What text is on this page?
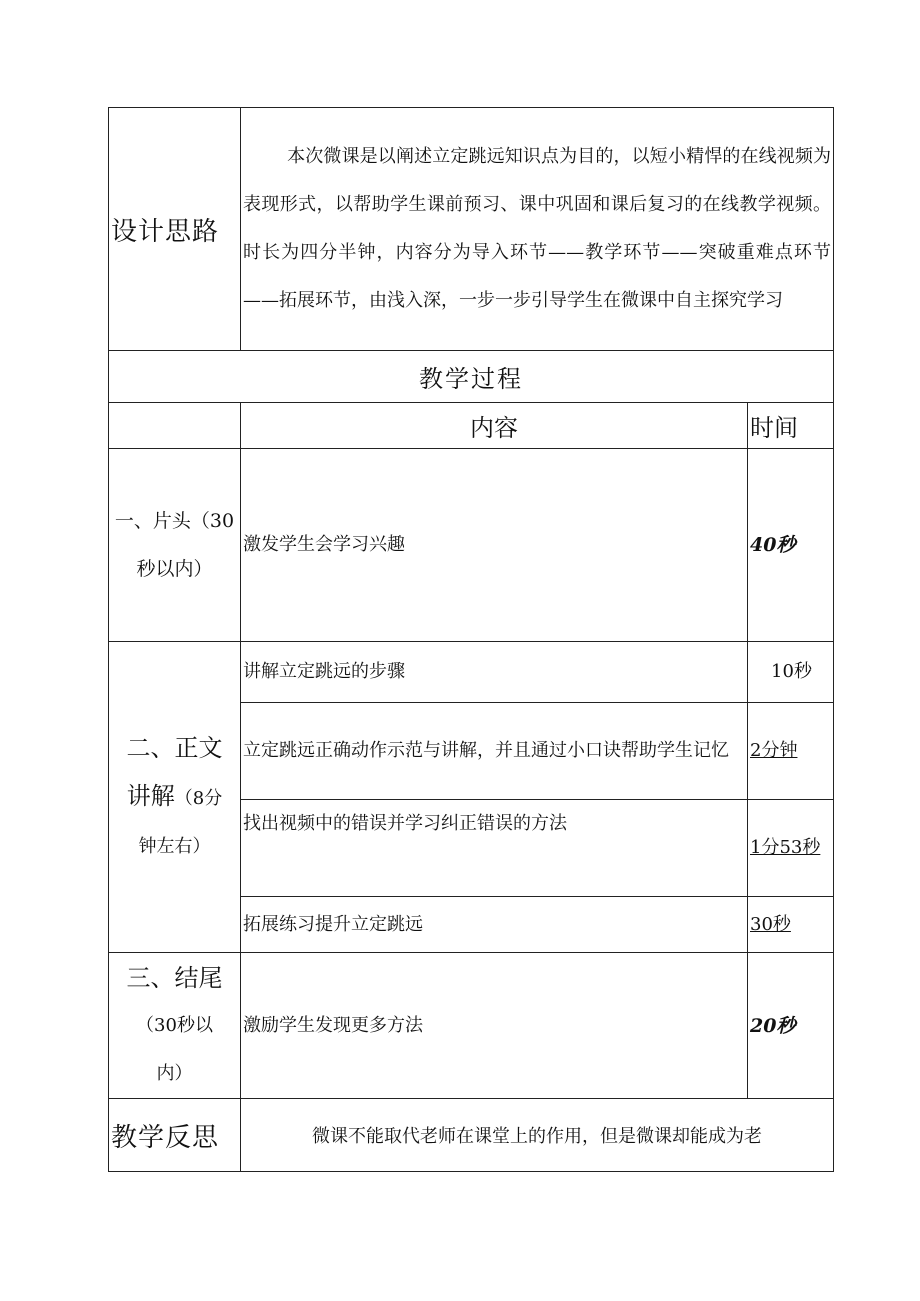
设计思路	本次微课是以阐述立定跳远知识点为目的，以短小精悍的在线视频为表现形式，以帮助学生课前预习、课中巩固和课后复习的在线教学视频。时长为四分半钟，内容分为导入环节——教学环节——突破重难点环节——拓展环节，由浅入深，一步一步引导学生在微课中自主探究学习	
教学过程		
	内容	时间

一、片头（30
秒以内）	激发学生会学习兴趣	40秒

二、正文
讲解（8分
钟左右）	讲解立定跳远的步骤	10秒
	立定跳远正确动作示范与讲解，并且通过小口诀帮助学生记忆	2分钟
	找出视频中的错误并学习纠正错误的方法	1分53秒
	拓展练习提升立定跳远	30秒

三、结尾
（30秒以
内）	激励学生发现更多方法	20秒
教学反思	微课不能取代老师在课堂上的作用，但是微课却能成为老	
